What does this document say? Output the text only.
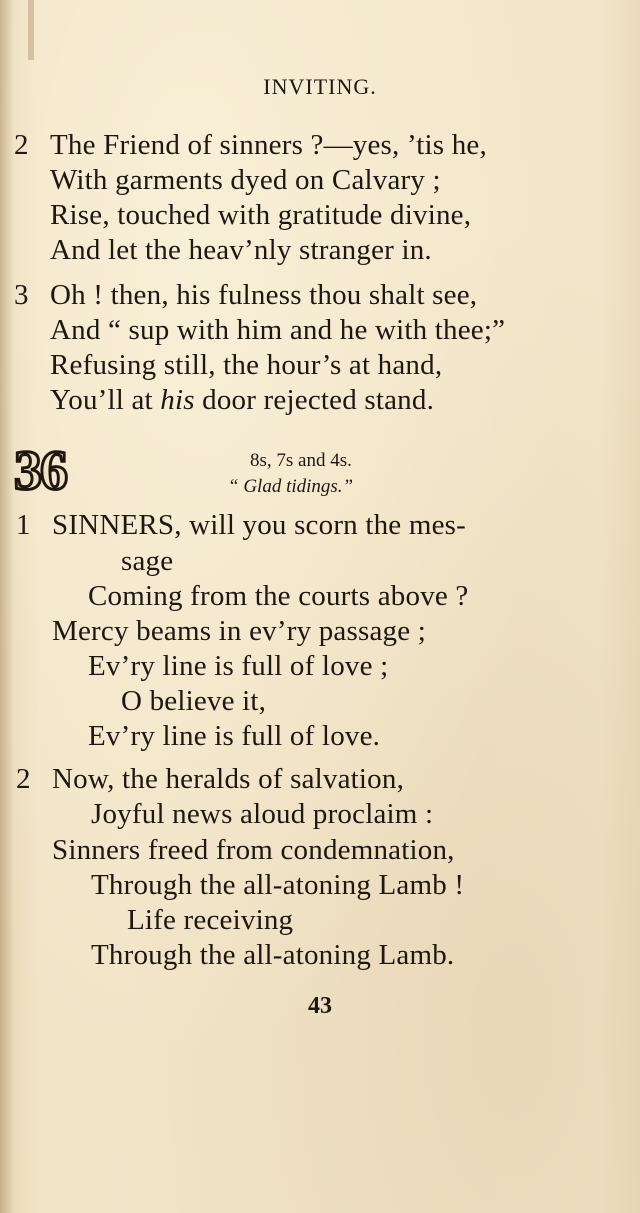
INVITING.
2 The Friend of sinners ?—yes, ’tis he,
With garments dyed on Calvary ;
Rise, touched with gratitude divine,
And let the heav’nly stranger in.
3 Oh ! then, his fulness thou shalt see,
And “ sup with him and he with thee;”
Refusing still, the hour’s at hand,
You’ll at his door rejected stand.
36	8s, 7s and 4s.
“ Glad tidings.”
1 SINNERS, will you scorn the mes-
sage
Coming from the courts above ?
Mercy beams in ev’ry passage ;
Ev’ry line is full of love ;
O believe it,
Ev’ry line is full of love.
2 Now, the heralds of salvation,
Joyful news aloud proclaim :
Sinners freed from condemnation,
Through the all-atoning Lamb !
Life receiving
Through the all-atoning Lamb.
43
